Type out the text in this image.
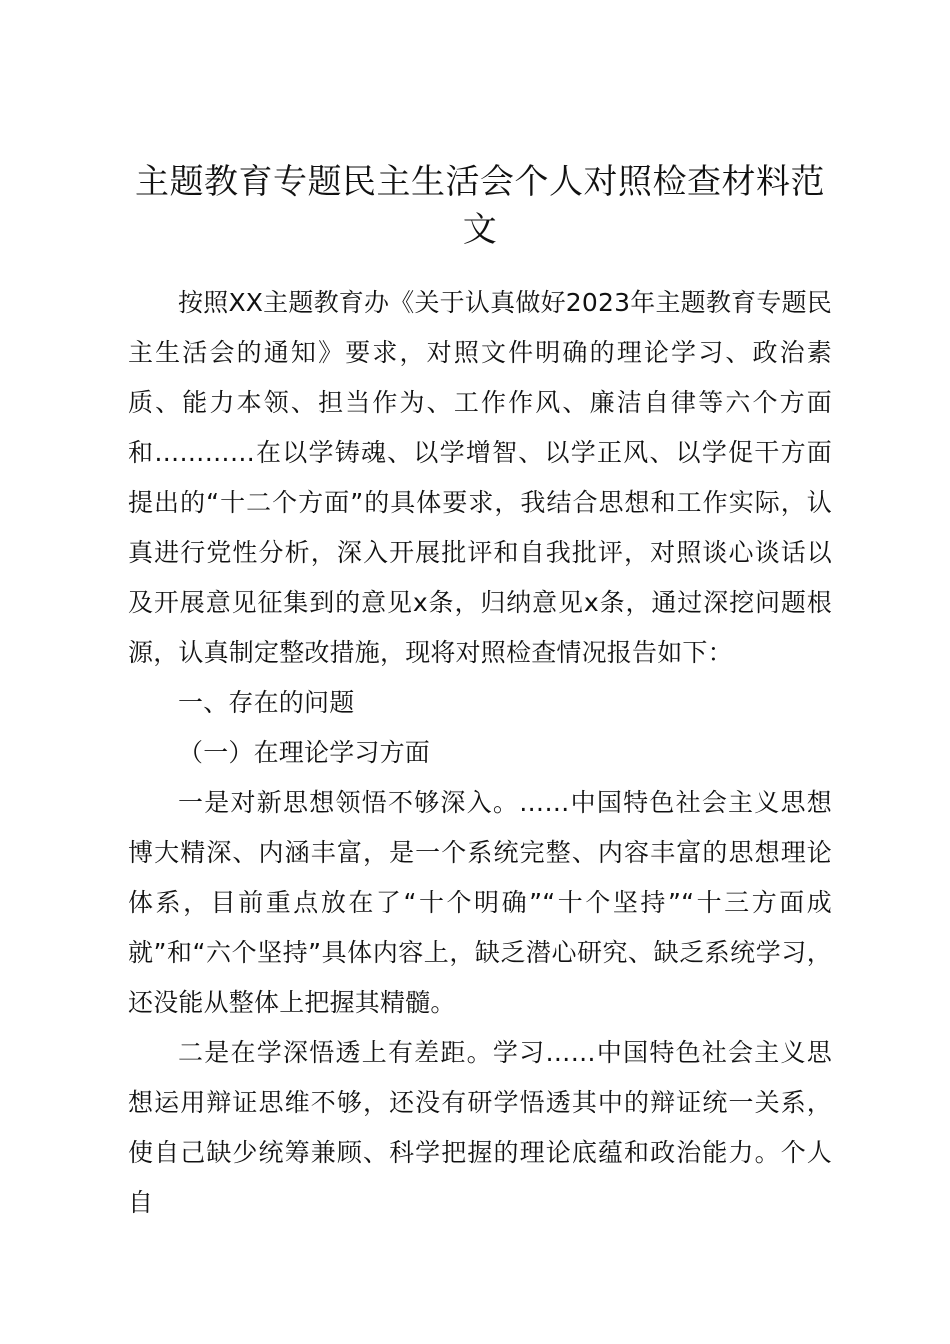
主题教育专题民主生活会个人对照检查材料范文

按照XX主题教育办《关于认真做好2023年主题教育专题民主生活会的通知》要求，对照文件明确的理论学习、政治素质、能力本领、担当作为、工作作风、廉洁自律等六个方面和…………在以学铸魂、以学增智、以学正风、以学促干方面提出的“十二个方面”的具体要求，我结合思想和工作实际，认真进行党性分析，深入开展批评和自我批评，对照谈心谈话以及开展意见征集到的意见x条，归纳意见x条，通过深挖问题根源，认真制定整改措施，现将对照检查情况报告如下：

一、存在的问题

（一）在理论学习方面

一是对新思想领悟不够深入。……中国特色社会主义思想博大精深、内涵丰富，是一个系统完整、内容丰富的思想理论体系，目前重点放在了“十个明确”“十个坚持”“十三方面成就”和“六个坚持”具体内容上，缺乏潜心研究、缺乏系统学习，还没能从整体上把握其精髓。

二是在学深悟透上有差距。学习……中国特色社会主义思想运用辩证思维不够，还没有研学悟透其中的辩证统一关系，使自己缺少统筹兼顾、科学把握的理论底蕴和政治能力。个人自
